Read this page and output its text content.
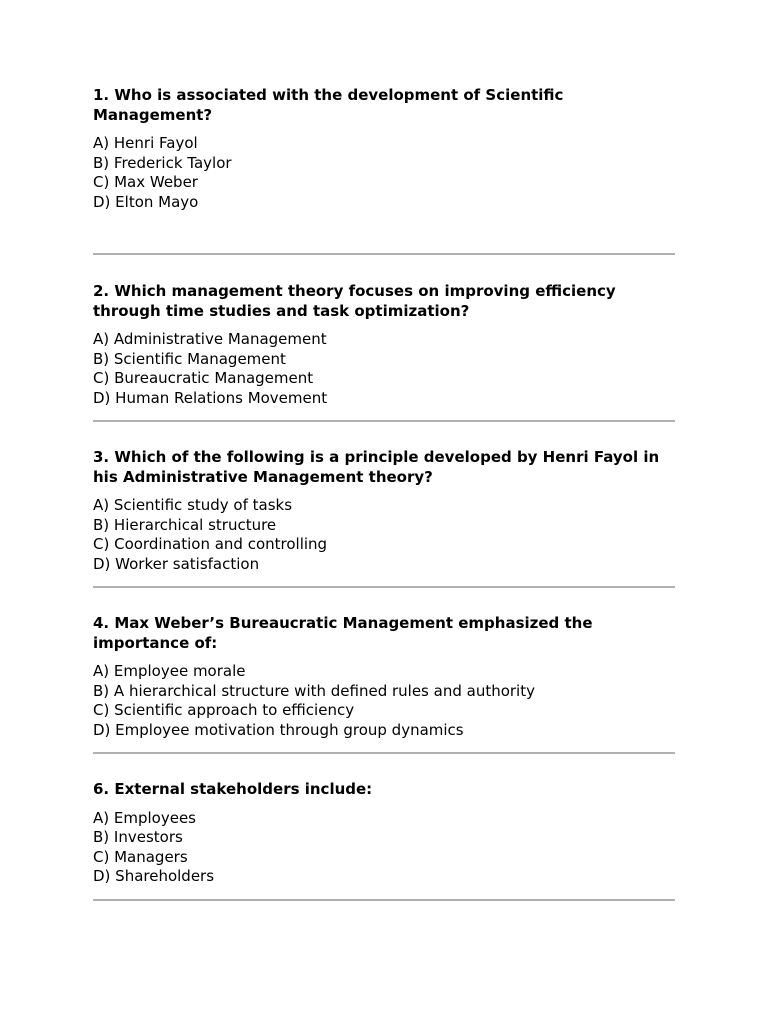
1. Who is associated with the development of Scientific Management?

A) Henri Fayol
B) Frederick Taylor
C) Max Weber
D) Elton Mayo

2. Which management theory focuses on improving efficiency through time studies and task optimization?

A) Administrative Management
B) Scientific Management
C) Bureaucratic Management
D) Human Relations Movement

3. Which of the following is a principle developed by Henri Fayol in his Administrative Management theory?

A) Scientific study of tasks
B) Hierarchical structure
C) Coordination and controlling
D) Worker satisfaction

4. Max Weber’s Bureaucratic Management emphasized the importance of:

A) Employee morale
B) A hierarchical structure with defined rules and authority
C) Scientific approach to efficiency
D) Employee motivation through group dynamics

6. External stakeholders include:

A) Employees
B) Investors
C) Managers
D) Shareholders
